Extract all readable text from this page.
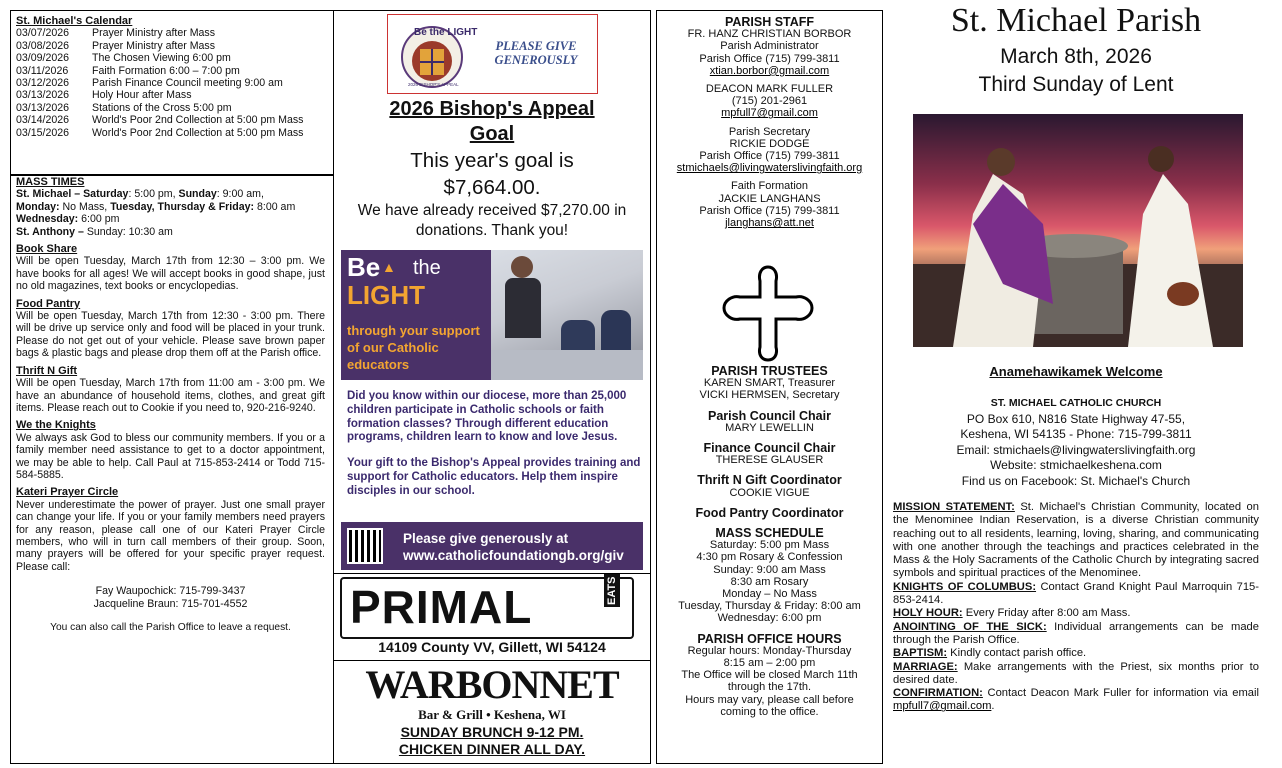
St. Michael's Calendar
03/07/2026 Prayer Ministry after Mass
03/08/2026 Prayer Ministry after Mass
03/09/2026 The Chosen Viewing 6:00 pm
03/11/2026 Faith Formation 6:00 – 7:00 pm
03/12/2026 Parish Finance Council meeting 9:00 am
03/13/2026 Holy Hour after Mass
03/13/2026 Stations of the Cross 5:00 pm
03/14/2026 World's Poor 2nd Collection at 5:00 pm Mass
03/15/2026 World's Poor 2nd Collection at 5:00 pm Mass
MASS TIMES

St. Michael – Saturday: 5:00 pm, Sunday: 9:00 am,
Monday: No Mass, Tuesday, Thursday & Friday: 8:00 am
Wednesday: 6:00 pm
St. Anthony – Sunday: 10:30 am

Book Share

Will be open Tuesday, March 17th from 12:30 – 3:00 pm. We have books for all ages! We will accept books in good shape, just no old magazines, text books or encyclopedias.

Food Pantry

Will be open Tuesday, March 17th from 12:30 - 3:00 pm. There will be drive up service only and food will be placed in your trunk. Please do not get out of your vehicle. Please save brown paper bags & plastic bags and please drop them off at the Parish office.

Thrift N Gift

Will be open Tuesday, March 17th from 11:00 am - 3:00 pm. We have an abundance of household items, clothes, and great gift items. Please reach out to Cookie if you need to, 920-216-9240.

We the Knights

We always ask God to bless our community members. If you or a family member need assistance to get to a doctor appointment, we may be able to help. Call Paul at 715-853-2414 or Todd 715-584-5885.

Kateri Prayer Circle

Never underestimate the power of prayer. Just one small prayer can change your life. If you or your family members need prayers for any reason, please call one of our Kateri Prayer Circle members, who will in turn call members of their group. Soon, many prayers will be offered for your specific prayer request. Please call:

Fay Waupochick: 715-799-3437
Jacqueline Braun: 715-701-4552
You can also call the Parish Office to leave a request.
Be the LIGHT
2026 BISHOP'S APPEAL
PLEASE GIVE GENEROUSLY
2026 Bishop's Appeal Goal
This year's goal is $7,664.00.
We have already received $7,270.00 in donations. Thank you!
Be ▲ the
LIGHT
through your support of our Catholic educators
Did you know within our diocese, more than 25,000 children participate in Catholic schools or faith formation classes? Through different education programs, children learn to know and love Jesus.
Your gift to the Bishop's Appeal provides training and support for Catholic educators. Help them inspire disciples in our school.
Please give generously at www.catholicfoundationgb.org/giv
PRIMAL	EATS
14109 County VV, Gillett, WI 54124
WARBONNET
Bar & Grill • Keshena, WI
SUNDAY BRUNCH 9-12 PM.
CHICKEN DINNER ALL DAY.
PARISH STAFF
FR. HANZ CHRISTIAN BORBOR
Parish Administrator
Parish Office (715) 799-3811
xtian.borbor@gmail.com
DEACON MARK FULLER
(715) 201-2961
mpfull7@gmail.com
Parish Secretary
RICKIE DODGE
Parish Office (715) 799-3811
stmichaels@livingwaterslivingfaith.org
Faith Formation
JACKIE LANGHANS
Parish Office (715) 799-3811
jlanghans@att.net
PARISH TRUSTEES
KAREN SMART, Treasurer
VICKI HERMSEN, Secretary
Parish Council Chair
MARY LEWELLIN
Finance Council Chair
THERESE GLAUSER
Thrift N Gift Coordinator
COOKIE VIGUE
Food Pantry Coordinator
MASS SCHEDULE
Saturday: 5:00 pm Mass
4:30 pm Rosary & Confession
Sunday: 9:00 am Mass
8:30 am Rosary
Monday – No Mass
Tuesday, Thursday & Friday: 8:00 am
Wednesday: 6:00 pm
PARISH OFFICE HOURS
Regular hours: Monday-Thursday
8:15 am – 2:00 pm
The Office will be closed March 11th
through the 17th.
Hours may vary, please call before
coming to the office.
St. Michael Parish
March 8th, 2026
Third Sunday of Lent
Anamehawikamek Welcome
ST. MICHAEL CATHOLIC CHURCH
PO Box 610, N816 State Highway 47-55,
Keshena, WI 54135 - Phone: 715-799-3811
Email: stmichaels@livingwaterslivingfaith.org
Website: stmichaelkeshena.com
Find us on Facebook: St. Michael's Church

MISSION STATEMENT: St. Michael's Christian Community, located on the Menominee Indian Reservation, is a diverse Christian community reaching out to all residents, learning, loving, sharing, and communicating with one another through the teachings and practices celebrated in the Mass & the Holy Sacraments of the Catholic Church by integrating sacred symbols and spiritual practices of the Menominee.

KNIGHTS OF COLUMBUS: Contact Grand Knight Paul Marroquin 715-853-2414.

HOLY HOUR: Every Friday after 8:00 am Mass.

ANOINTING OF THE SICK: Individual arrangements can be made through the Parish Office.

BAPTISM: Kindly contact parish office.

MARRIAGE: Make arrangements with the Priest, six months prior to desired date.

CONFIRMATION: Contact Deacon Mark Fuller for information via email mpfull7@gmail.com.
